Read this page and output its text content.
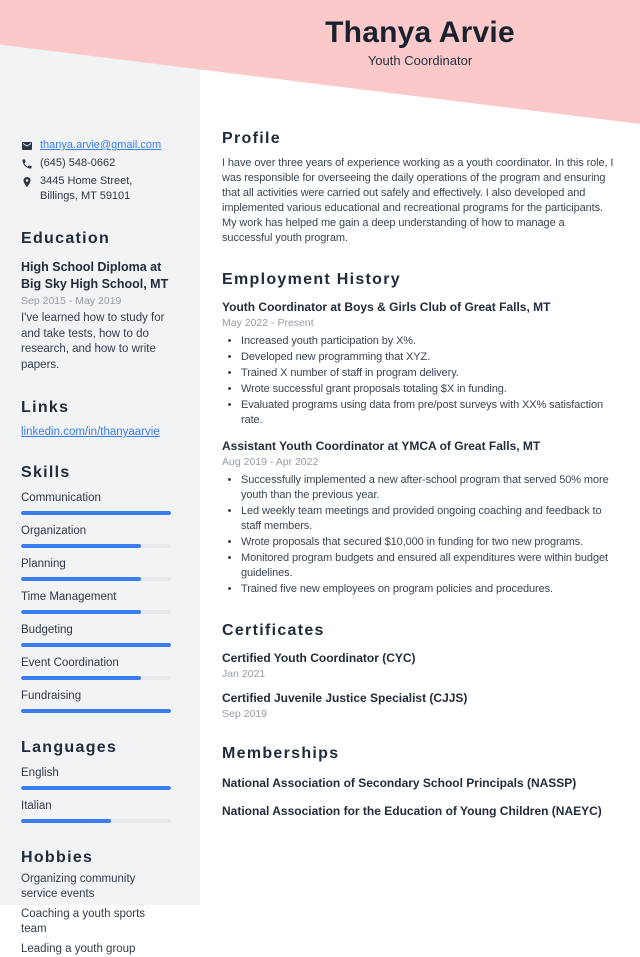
Thanya Arvie
Youth Coordinator
thanya.arvie@gmail.com
(645) 548-0662
3445 Home Street, Billings, MT 59101
Education
High School Diploma at Big Sky High School, MT
Sep 2015 - May 2019
I've learned how to study for and take tests, how to do research, and how to write papers.
Links
linkedin.com/in/thanyaarvie
Skills
Communication
Organization
Planning
Time Management
Budgeting
Event Coordination
Fundraising
Languages
English
Italian
Hobbies
Organizing community service events
Coaching a youth sports team
Leading a youth group
Profile
I have over three years of experience working as a youth coordinator. In this role, I was responsible for overseeing the daily operations of the program and ensuring that all activities were carried out safely and effectively. I also developed and implemented various educational and recreational programs for the participants. My work has helped me gain a deep understanding of how to manage a successful youth program.
Employment History
Youth Coordinator at Boys & Girls Club of Great Falls, MT
May 2022 - Present
• Increased youth participation by X%.
• Developed new programming that XYZ.
• Trained X number of staff in program delivery.
• Wrote successful grant proposals totaling $X in funding.
• Evaluated programs using data from pre/post surveys with XX% satisfaction rate.
Assistant Youth Coordinator at YMCA of Great Falls, MT
Aug 2019 - Apr 2022
• Successfully implemented a new after-school program that served 50% more youth than the previous year.
• Led weekly team meetings and provided ongoing coaching and feedback to staff members.
• Wrote proposals that secured $10,000 in funding for two new programs.
• Monitored program budgets and ensured all expenditures were within budget guidelines.
• Trained five new employees on program policies and procedures.
Certificates
Certified Youth Coordinator (CYC)
Jan 2021
Certified Juvenile Justice Specialist (CJJS)
Sep 2019
Memberships
National Association of Secondary School Principals (NASSP)
National Association for the Education of Young Children (NAEYC)
